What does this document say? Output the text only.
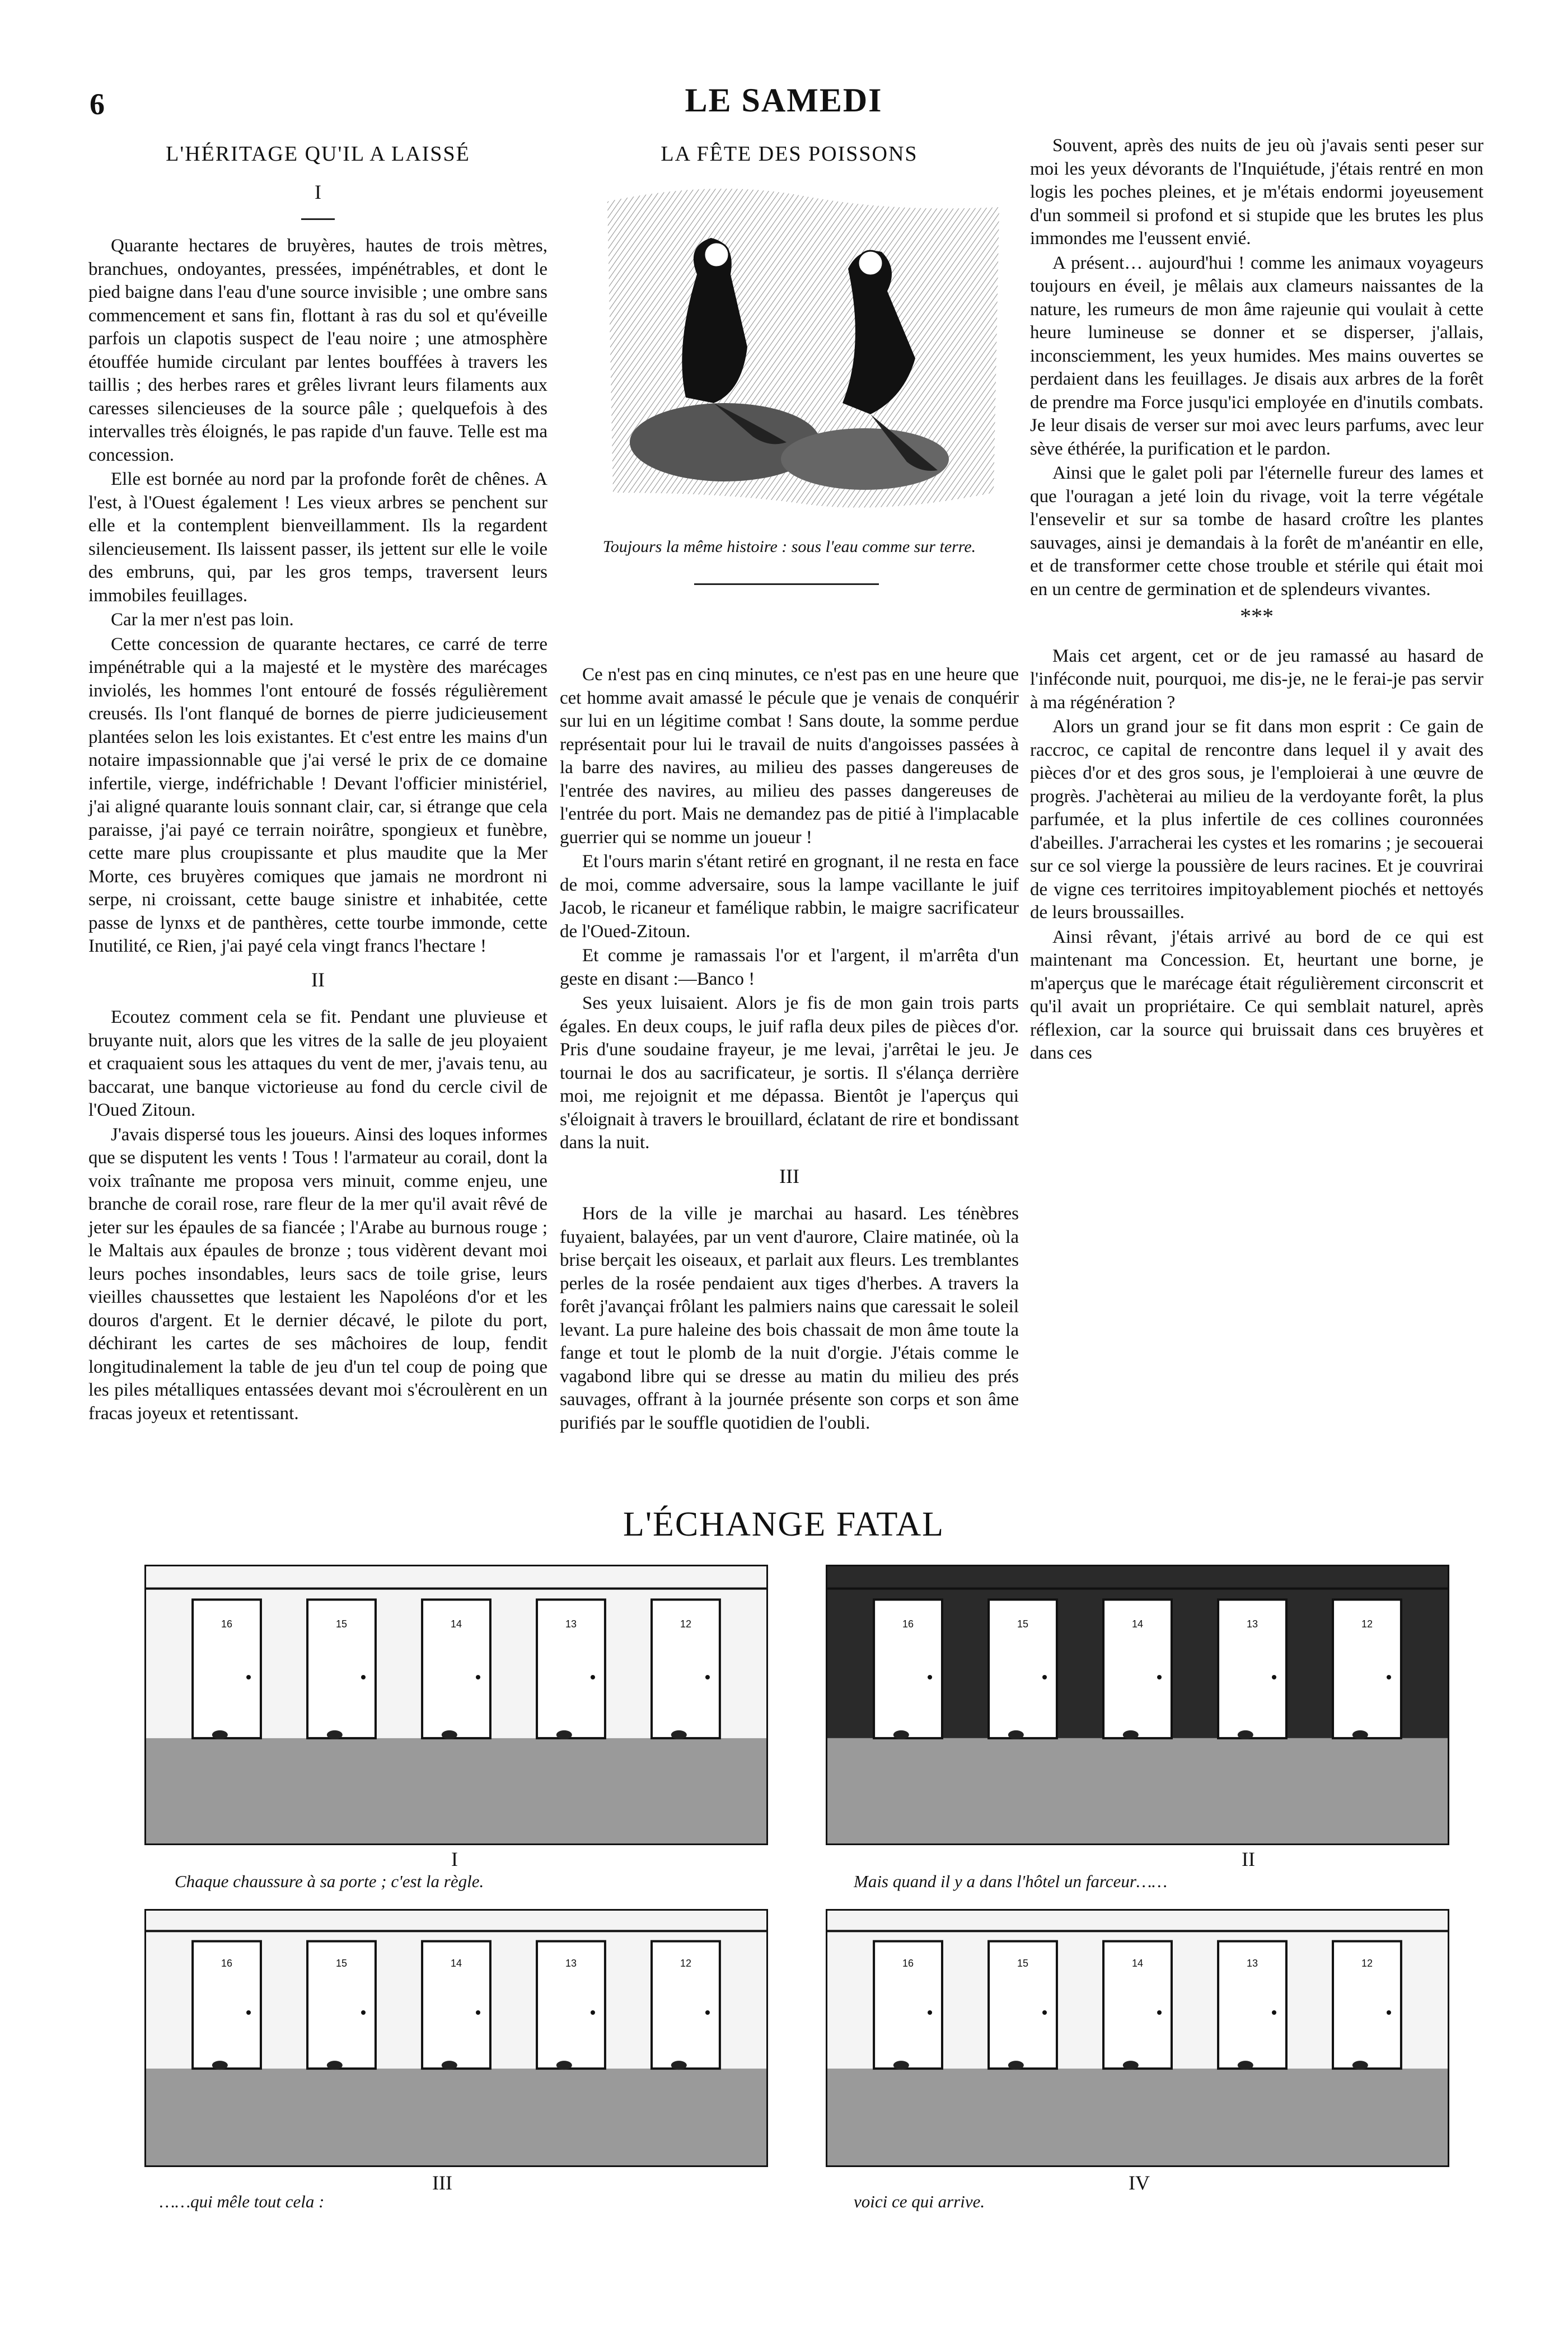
6	LE SAMEDI
L'HÉRITAGE QU'IL A LAISSÉ
I

Quarante hectares de bruyères, hautes de trois mètres, branchues, ondoyantes, pressées, impénétrables, et dont le pied baigne dans l'eau d'une source invisible ; une ombre sans commencement et sans fin, flottant à ras du sol et qu'éveille parfois un clapotis suspect de l'eau noire ; une atmosphère étouffée humide circulant par lentes bouffées à travers les taillis ; des herbes rares et grêles livrant leurs filaments aux caresses silencieuses de la source pâle ; quelquefois à des intervalles très éloignés, le pas rapide d'un fauve. Telle est ma concession.

Elle est bornée au nord par la profonde forêt de chênes. A l'est, à l'Ouest également ! Les vieux arbres se penchent sur elle et la contemplent bienveillamment. Ils la regardent silencieusement. Ils laissent passer, ils jettent sur elle le voile des embruns, qui, par les gros temps, traversent leurs immobiles feuillages.

Car la mer n'est pas loin.

Cette concession de quarante hectares, ce carré de terre impénétrable qui a la majesté et le mystère des marécages inviolés, les hommes l'ont entouré de fossés régulièrement creusés. Ils l'ont flanqué de bornes de pierre judicieusement plantées selon les lois existantes. Et c'est entre les mains d'un notaire impassionnable que j'ai versé le prix de ce domaine infertile, vierge, indéfrichable ! Devant l'officier ministériel, j'ai aligné quarante louis sonnant clair, car, si étrange que cela paraisse, j'ai payé ce terrain noirâtre, spongieux et funèbre, cette mare plus croupissante et plus maudite que la Mer Morte, ces bruyères comiques que jamais ne mordront ni serpe, ni croissant, cette bauge sinistre et inhabitée, cette passe de lynxs et de panthères, cette tourbe immonde, cette Inutilité, ce Rien, j'ai payé cela vingt francs l'hectare !

II

Ecoutez comment cela se fit. Pendant une pluvieuse et bruyante nuit, alors que les vitres de la salle de jeu ployaient et craquaient sous les attaques du vent de mer, j'avais tenu, au baccarat, une banque victorieuse au fond du cercle civil de l'Oued Zitoun.

J'avais dispersé tous les joueurs. Ainsi des loques informes que se disputent les vents ! Tous ! l'armateur au corail, dont la voix traînante me proposa vers minuit, comme enjeu, une branche de corail rose, rare fleur de la mer qu'il avait rêvé de jeter sur les épaules de sa fiancée ; l'Arabe au burnous rouge ; le Maltais aux épaules de bronze ; tous vidèrent devant moi leurs poches insondables, leurs sacs de toile grise, leurs vieilles chaussettes que lestaient les Napoléons d'or et les douros d'argent. Et le dernier décavé, le pilote du port, déchirant les cartes de ses mâchoires de loup, fendit longitudinalement la table de jeu d'un tel coup de poing que les piles métalliques entassées devant moi s'écroulèrent en un fracas joyeux et retentissant.

LA FÊTE DES POISSONS
Toujours la même histoire : sous l'eau comme sur terre.

Ce n'est pas en cinq minutes, ce n'est pas en une heure que cet homme avait amassé le pécule que je venais de conquérir sur lui en un légitime combat ! Sans doute, la somme perdue représentait pour lui le travail de nuits d'angoisses passées à la barre des navires, au milieu des passes dangereuses de l'entrée des navires, au milieu des passes dangereuses de l'entrée du port. Mais ne demandez pas de pitié à l'implacable guerrier qui se nomme un joueur !

Et l'ours marin s'étant retiré en grognant, il ne resta en face de moi, comme adversaire, sous la lampe vacillante le juif Jacob, le ricaneur et famélique rabbin, le maigre sacrificateur de l'Oued-Zitoun.

Et comme je ramassais l'or et l'argent, il m'arrêta d'un geste en disant :—Banco !

Ses yeux luisaient. Alors je fis de mon gain trois parts égales. En deux coups, le juif rafla deux piles de pièces d'or. Pris d'une soudaine frayeur, je me levai, j'arrêtai le jeu. Je tournai le dos au sacrificateur, je sortis. Il s'élança derrière moi, me rejoignit et me dépassa. Bientôt je l'aperçus qui s'éloignait à travers le brouillard, éclatant de rire et bondissant dans la nuit.

III

Hors de la ville je marchai au hasard. Les ténèbres fuyaient, balayées, par un vent d'aurore, Claire matinée, où la brise berçait les oiseaux, et parlait aux fleurs. Les tremblantes perles de la rosée pendaient aux tiges d'herbes. A travers la forêt j'avançai frôlant les palmiers nains que caressait le soleil levant. La pure haleine des bois chassait de mon âme toute la fange et tout le plomb de la nuit d'orgie. J'étais comme le vagabond libre qui se dresse au matin du milieu des prés sauvages, offrant à la journée présente son corps et son âme purifiés par le souffle quotidien de l'oubli.

Souvent, après des nuits de jeu où j'avais senti peser sur moi les yeux dévorants de l'Inquiétude, j'étais rentré en mon logis les poches pleines, et je m'étais endormi joyeusement d'un sommeil si profond et si stupide que les brutes les plus immondes me l'eussent envié.

A présent… aujourd'hui ! comme les animaux voyageurs toujours en éveil, je mêlais aux clameurs naissantes de la nature, les rumeurs de mon âme rajeunie qui voulait à cette heure lumineuse se donner et se disperser, j'allais, inconsciemment, les yeux humides. Mes mains ouvertes se perdaient dans les feuillages. Je disais aux arbres de la forêt de prendre ma Force jusqu'ici employée en d'inutils combats. Je leur disais de verser sur moi avec leurs parfums, avec leur sève éthérée, la purification et le pardon.

Ainsi que le galet poli par l'éternelle fureur des lames et que l'ouragan a jeté loin du rivage, voit la terre végétale l'ensevelir et sur sa tombe de hasard croître les plantes sauvages, ainsi je demandais à la forêt de m'anéantir en elle, et de transformer cette chose trouble et stérile qui était moi en un centre de germination et de splendeurs vivantes.

***

Mais cet argent, cet or de jeu ramassé au hasard de l'inféconde nuit, pourquoi, me dis-je, ne le ferai-je pas servir à ma régénération ?

Alors un grand jour se fit dans mon esprit : Ce gain de raccroc, ce capital de rencontre dans lequel il y avait des pièces d'or et des gros sous, je l'emploierai à une œuvre de progrès. J'achèterai au milieu de la verdoyante forêt, la plus parfumée, et la plus infertile de ces collines couronnées d'abeilles. J'arracherai les cystes et les romarins ; je secouerai sur ce sol vierge la poussière de leurs racines. Et je couvrirai de vigne ces territoires impitoyablement piochés et nettoyés de leurs broussailles.

Ainsi rêvant, j'étais arrivé au bord de ce qui est maintenant ma Concession. Et, heurtant une borne, je m'aperçus que le marécage était régulièrement circonscrit et qu'il avait un propriétaire. Ce qui semblait naturel, après réflexion, car la source qui bruissait dans ces bruyères et dans ces

L'ÉCHANGE FATAL
16	15	14	13	12
I
Chaque chaussure à sa porte ; c'est la règle.
16	15	14	13	12
II
Mais quand il y a dans l'hôtel un farceur……
16	15	14	13	12
III
……qui mêle tout cela :
16	15	14	13	12
IV
voici ce qui arrive.
